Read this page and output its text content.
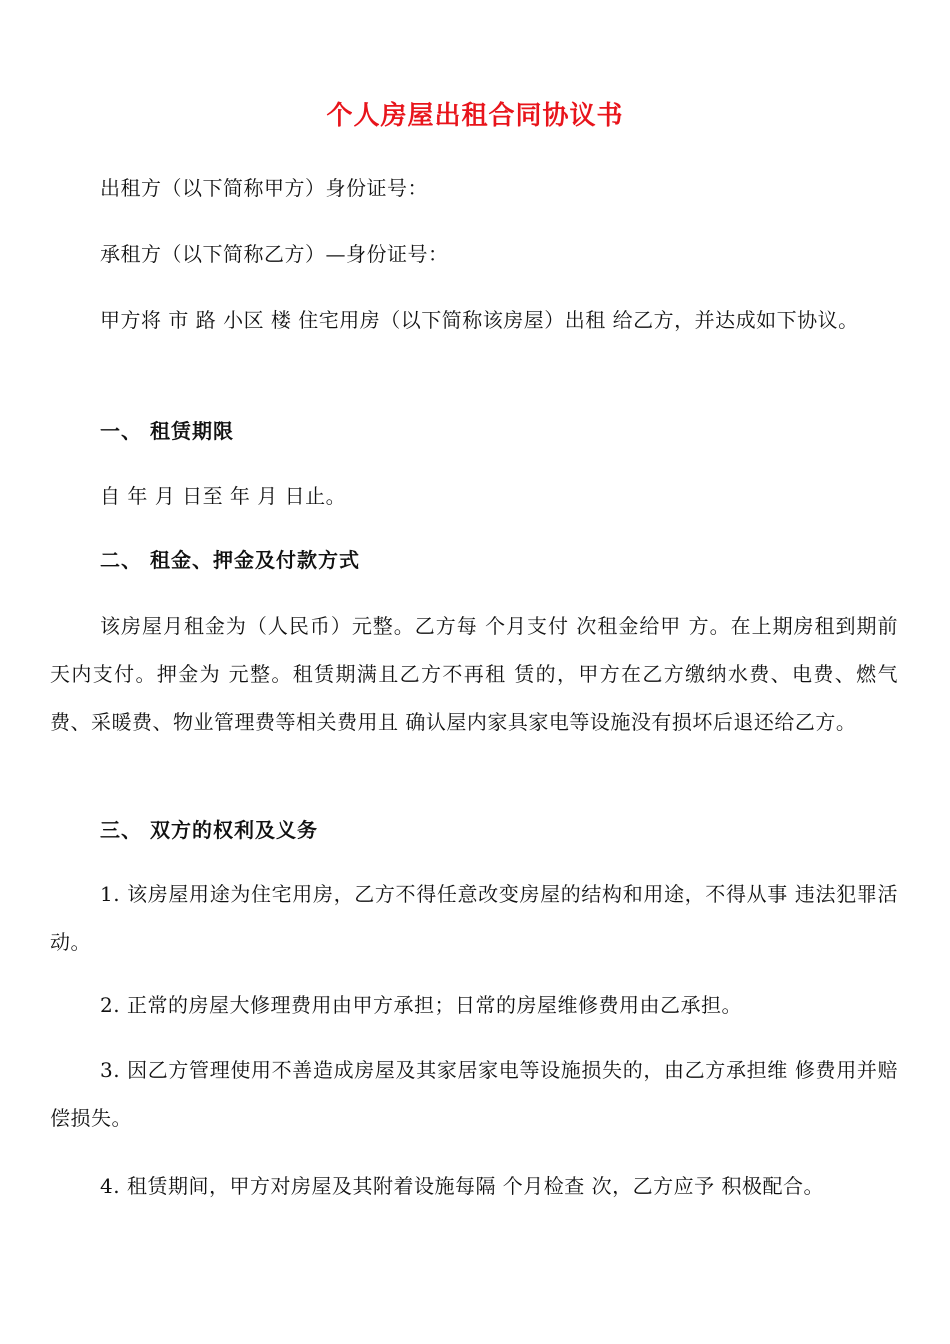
个人房屋出租合同协议书
出租方（以下简称甲方）身份证号：
承租方（以下简称乙方）—身份证号：
甲方将 市 路 小区 楼 住宅用房（以下简称该房屋）出租 给乙方，并达成如下协议。
一、 租赁期限
自 年 月 日至 年 月 日止。
二、 租金、押金及付款方式
该房屋月租金为（人民币）元整。乙方每 个月支付 次租金给甲 方。在上期房租到期前 天内支付。押金为 元整。租赁期满且乙方不再租 赁的，甲方在乙方缴纳水费、电费、燃气费、采暖费、物业管理费等相关费用且 确认屋内家具家电等设施没有损坏后退还给乙方。
三、 双方的权利及义务
1. 该房屋用途为住宅用房，乙方不得任意改变房屋的结构和用途，不得从事 违法犯罪活动。
2. 正常的房屋大修理费用由甲方承担；日常的房屋维修费用由乙承担。
3. 因乙方管理使用不善造成房屋及其家居家电等设施损失的，由乙方承担维 修费用并赔偿损失。
4. 租赁期间，甲方对房屋及其附着设施每隔 个月检查 次，乙方应予 积极配合。
